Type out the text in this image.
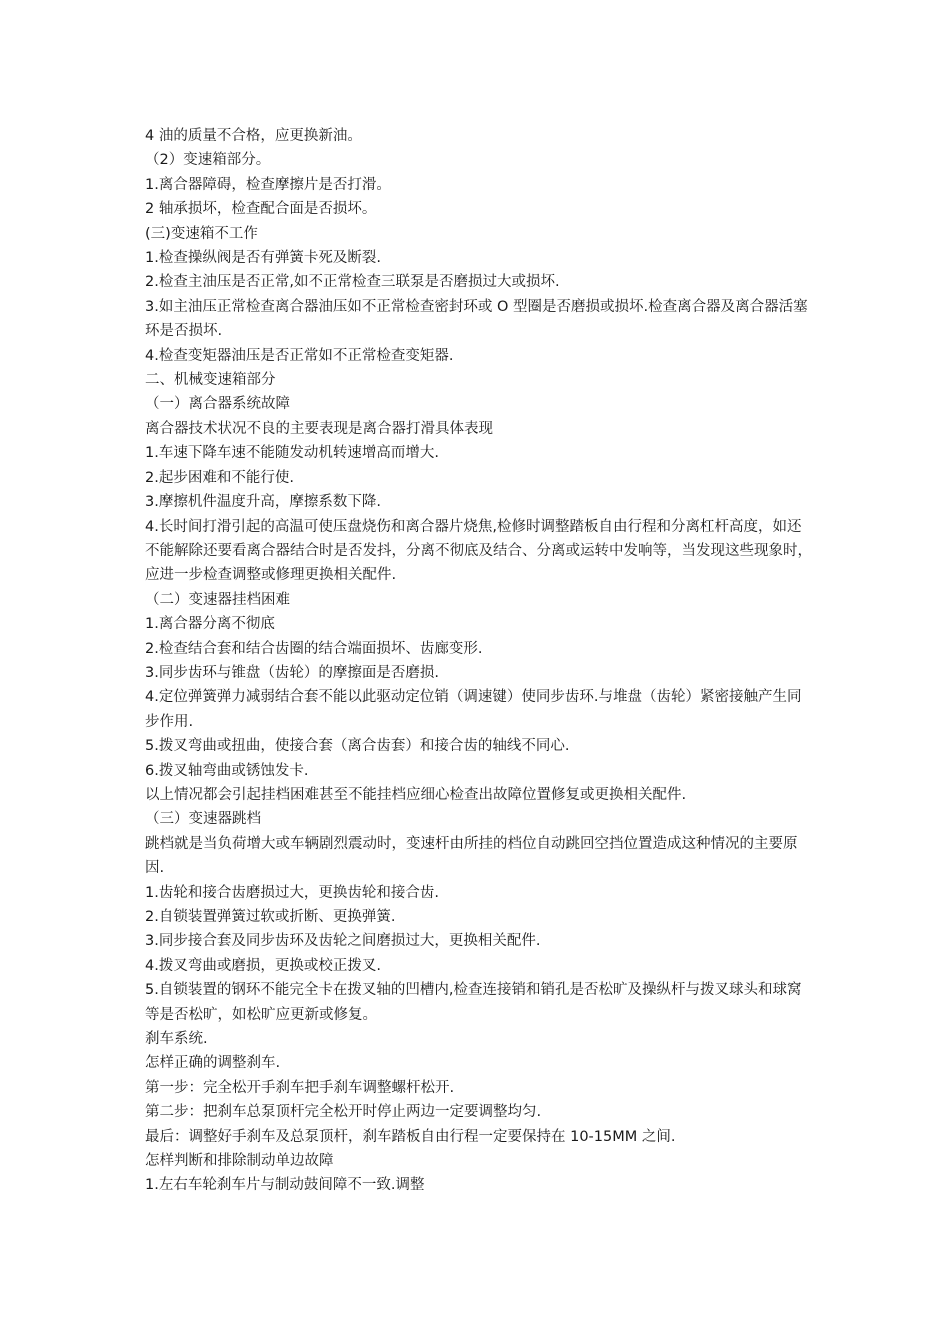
4 油的质量不合格，应更换新油。

（2）变速箱部分。

1.离合器障碍，检查摩擦片是否打滑。

2 轴承损坏，检查配合面是否损坏。

(三)变速箱不工作

1.检查操纵阀是否有弹簧卡死及断裂.

2.检查主油压是否正常,如不正常检查三联泵是否磨损过大或损坏.

3.如主油压正常检查离合器油压如不正常检查密封环或 O 型圈是否磨损或损坏.检查离合器及离合器活塞环是否损坏.

4.检查变矩器油压是否正常如不正常检查变矩器.

二、机械变速箱部分

（一）离合器系统故障

离合器技术状况不良的主要表现是离合器打滑具体表现

1.车速下降车速不能随发动机转速增高而增大.

2.起步困难和不能行使.

3.摩擦机件温度升高，摩擦系数下降.

4.长时间打滑引起的高温可使压盘烧伤和离合器片烧焦,检修时调整踏板自由行程和分离杠杆高度，如还不能解除还要看离合器结合时是否发抖，分离不彻底及结合、分离或运转中发响等，当发现这些现象时，应进一步检查调整或修理更换相关配件.

（二）变速器挂档困难

1.离合器分离不彻底

2.检查结合套和结合齿圈的结合端面损坏、齿廊变形.

3.同步齿环与锥盘（齿轮）的摩擦面是否磨损.

4.定位弹簧弹力减弱结合套不能以此驱动定位销（调速键）使同步齿环.与堆盘（齿轮）紧密接触产生同步作用.

5.拨叉弯曲或扭曲，使接合套（离合齿套）和接合齿的轴线不同心.

6.拨叉轴弯曲或锈蚀发卡.

以上情况都会引起挂档困难甚至不能挂档应细心检查出故障位置修复或更换相关配件.

（三）变速器跳档

跳档就是当负荷增大或车辆剧烈震动时，变速杆由所挂的档位自动跳回空挡位置造成这种情况的主要原因.

1.齿轮和接合齿磨损过大，更换齿轮和接合齿.

2.自锁装置弹簧过软或折断、更换弹簧.

3.同步接合套及同步齿环及齿轮之间磨损过大，更换相关配件.

4.拨叉弯曲或磨损，更换或校正拨叉.

5.自锁装置的钢环不能完全卡在拨叉轴的凹槽内,检查连接销和销孔是否松旷及操纵杆与拨叉球头和球窝等是否松旷，如松旷应更新或修复。

刹车系统.

怎样正确的调整刹车.

第一步：完全松开手刹车把手刹车调整螺杆松开.

第二步：把刹车总泵顶杆完全松开时停止两边一定要调整均匀.

最后：调整好手刹车及总泵顶杆，刹车踏板自由行程一定要保持在 10-15MM 之间.

怎样判断和排除制动单边故障

1.左右车轮刹车片与制动鼓间障不一致.调整
